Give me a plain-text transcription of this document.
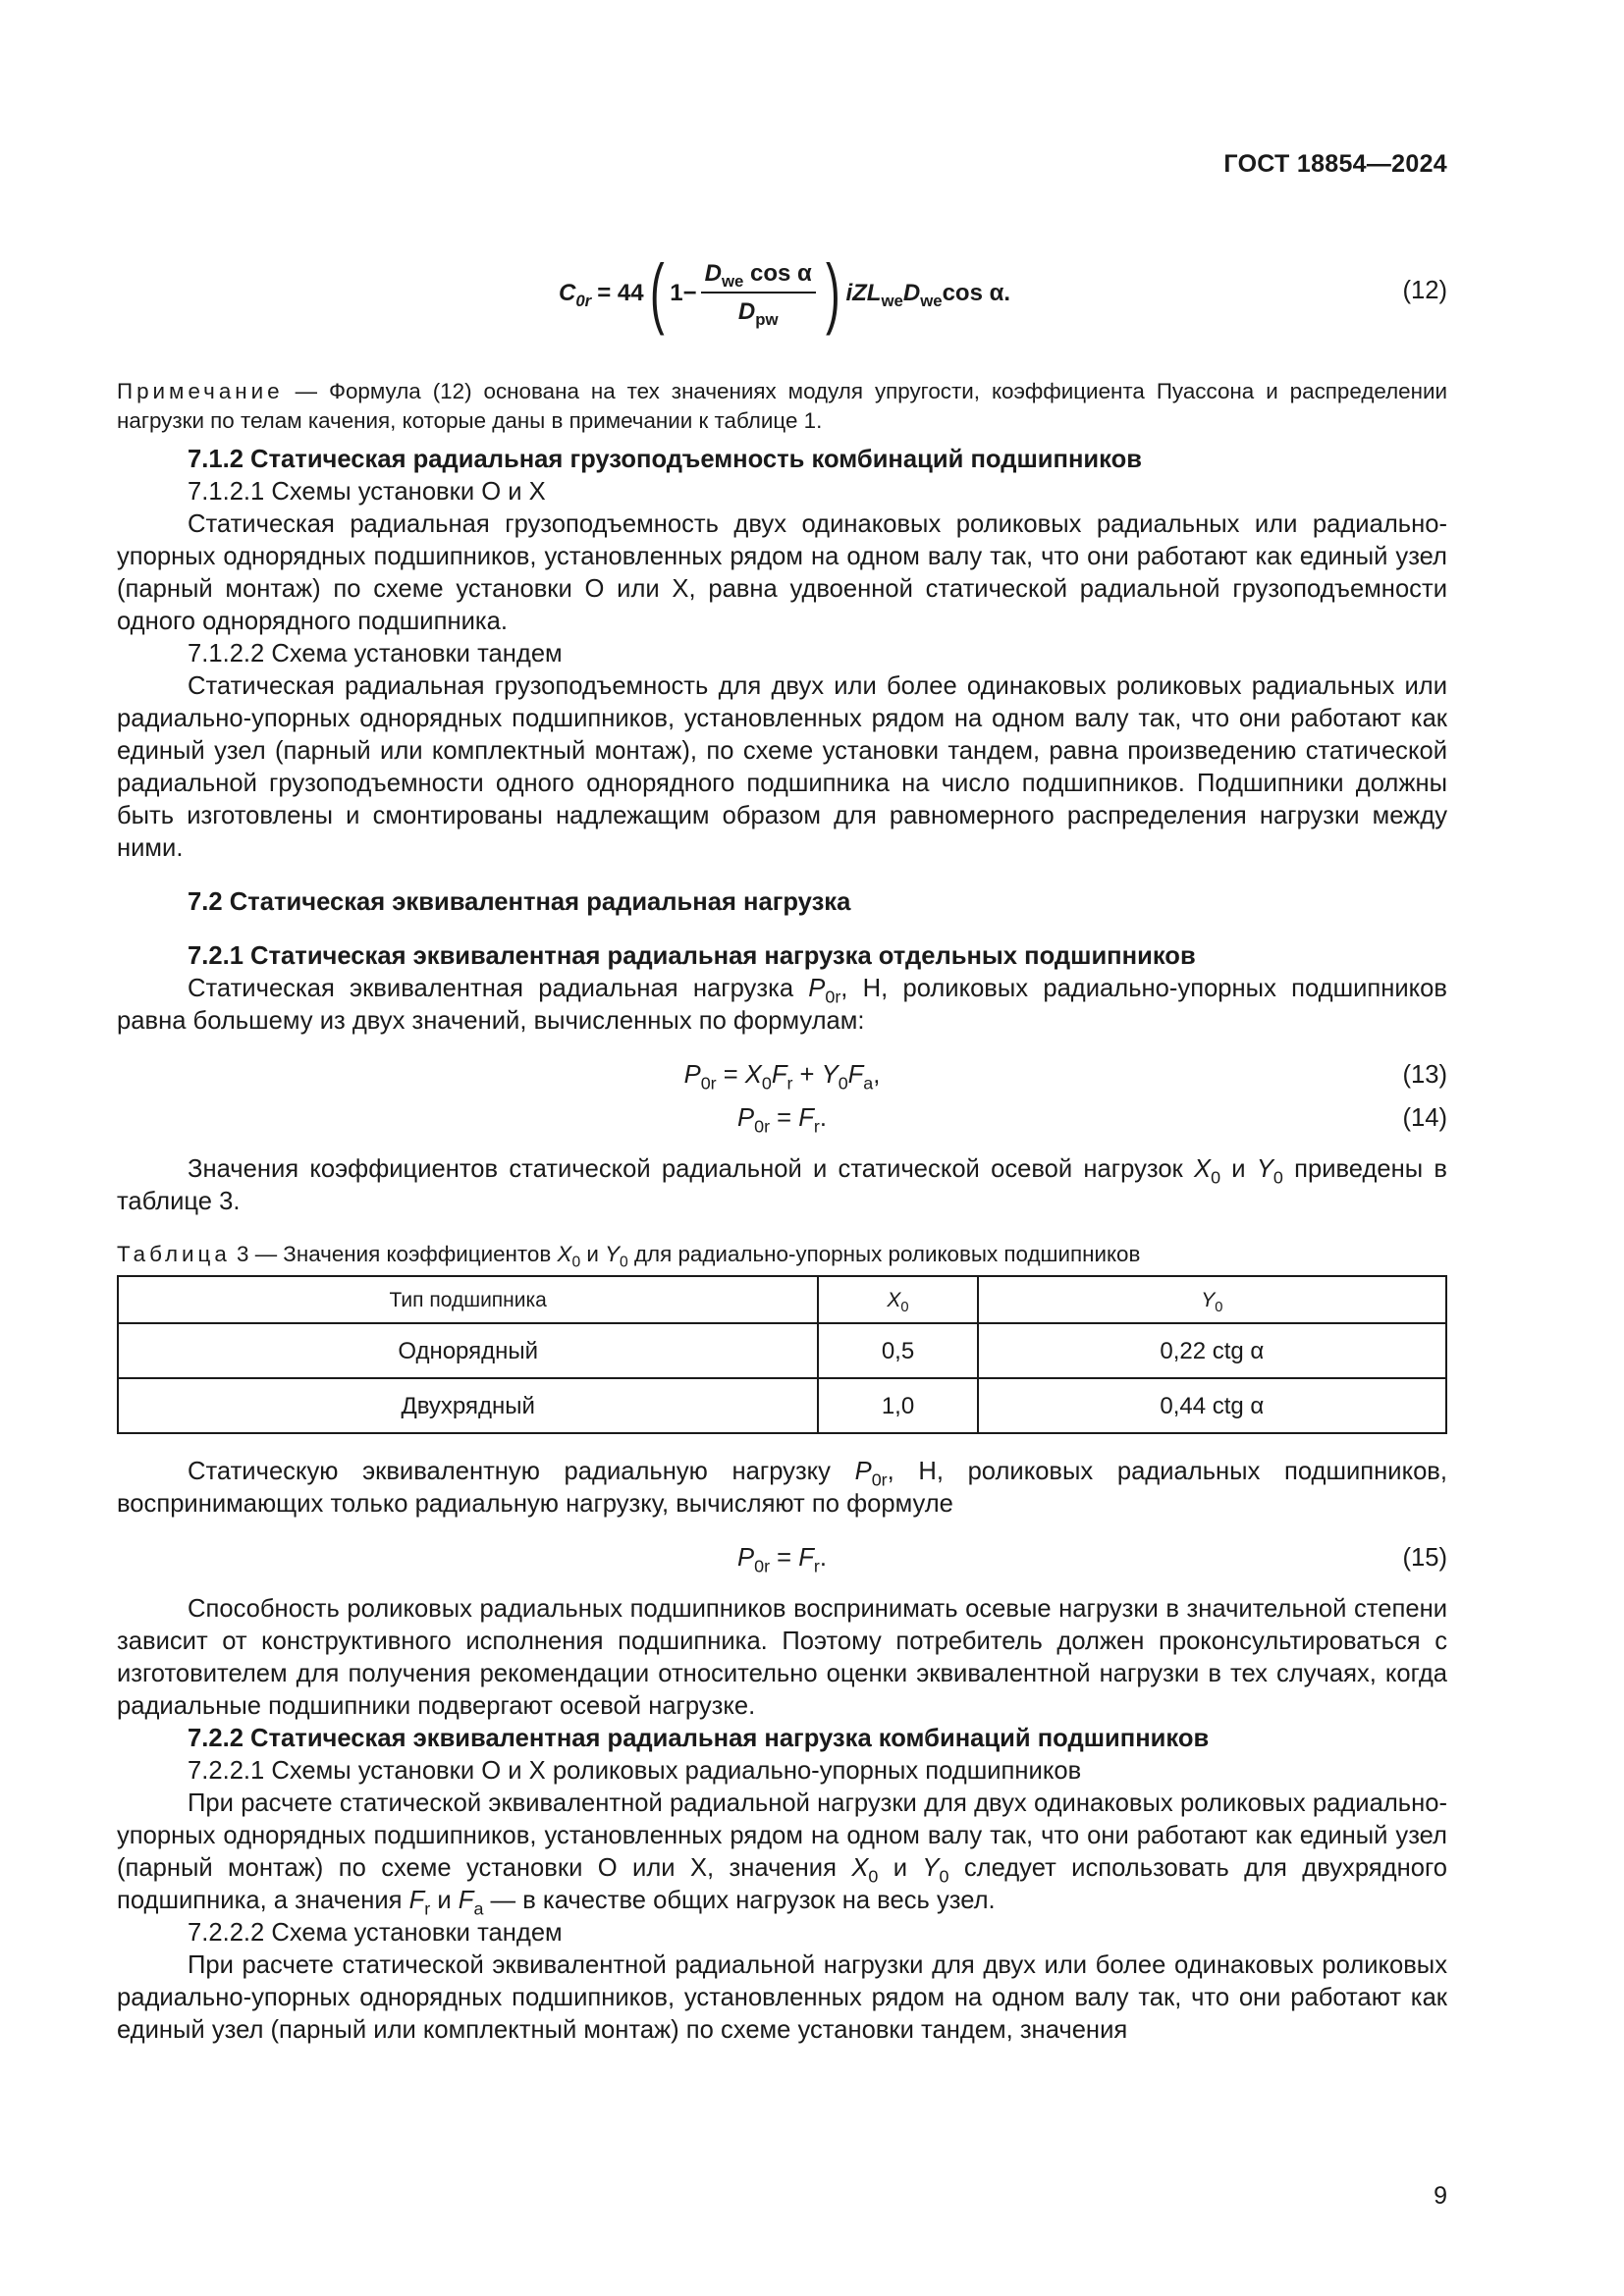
ГОСТ 18854—2024
$C_{0r} = 44$ ( $1- \frac{D_{we} \cos \alpha}{D_{pw}}$ ) $iZL_{we}D_{we}\cos$ α.	(12)

Примечание — Формула (12) основана на тех значениях модуля упругости, коэффициента Пуассона и распределении нагрузки по телам качения, которые даны в примечании к таблице 1.

7.1.2 Статическая радиальная грузоподъемность комбинаций подшипников

7.1.2.1 Схемы установки О и Х

Статическая радиальная грузоподъемность двух одинаковых роликовых радиальных или радиально-упорных однорядных подшипников, установленных рядом на одном валу так, что они работают как единый узел (парный монтаж) по схеме установки О или Х, равна удвоенной статической радиальной грузоподъемности одного однорядного подшипника.

7.1.2.2 Схема установки тандем

Статическая радиальная грузоподъемность для двух или более одинаковых роликовых радиальных или радиально-упорных однорядных подшипников, установленных рядом на одном валу так, что они работают как единый узел (парный или комплектный монтаж), по схеме установки тандем, равна произведению статической радиальной грузоподъемности одного однорядного подшипника на число подшипников. Подшипники должны быть изготовлены и смонтированы надлежащим образом для равномерного распределения нагрузки между ними.

7.2 Статическая эквивалентная радиальная нагрузка

7.2.1 Статическая эквивалентная радиальная нагрузка отдельных подшипников

Статическая эквивалентная радиальная нагрузка $P_{0r}$, Н, роликовых радиально-упорных подшипников равна большему из двух значений, вычисленных по формулам:

$P_{0r} = X_0F_r + Y_0F_a$,	(13)
$P_{0r} = F_r$.	(14)

Значения коэффициентов статической радиальной и статической осевой нагрузок $X_0$ и $Y_0$ приведены в таблице 3.

Таблица 3 — Значения коэффициентов $X_0$ и $Y_0$ для радиально-упорных роликовых подшипников

Тип подшипника	$X_0$	$Y_0$
Однорядный	0,5	0,22 ctg α
Двухрядный	1,0	0,44 ctg α

Статическую эквивалентную радиальную нагрузку $P_{0r}$, Н, роликовых радиальных подшипников, воспринимающих только радиальную нагрузку, вычисляют по формуле

$P_{0r} = F_r$.	(15)

Способность роликовых радиальных подшипников воспринимать осевые нагрузки в значительной степени зависит от конструктивного исполнения подшипника. Поэтому потребитель должен проконсультироваться с изготовителем для получения рекомендации относительно оценки эквивалентной нагрузки в тех случаях, когда радиальные подшипники подвергают осевой нагрузке.

7.2.2 Статическая эквивалентная радиальная нагрузка комбинаций подшипников

7.2.2.1 Схемы установки О и Х роликовых радиально-упорных подшипников

При расчете статической эквивалентной радиальной нагрузки для двух одинаковых роликовых радиально-упорных однорядных подшипников, установленных рядом на одном валу так, что они работают как единый узел (парный монтаж) по схеме установки О или Х, значения $X_0$ и $Y_0$ следует использовать для двухрядного подшипника, а значения $F_r$ и $F_a$ — в качестве общих нагрузок на весь узел.

7.2.2.2 Схема установки тандем

При расчете статической эквивалентной радиальной нагрузки для двух или более одинаковых роликовых радиально-упорных однорядных подшипников, установленных рядом на одном валу так, что они работают как единый узел (парный или комплектный монтаж) по схеме установки тандем, значения

9
